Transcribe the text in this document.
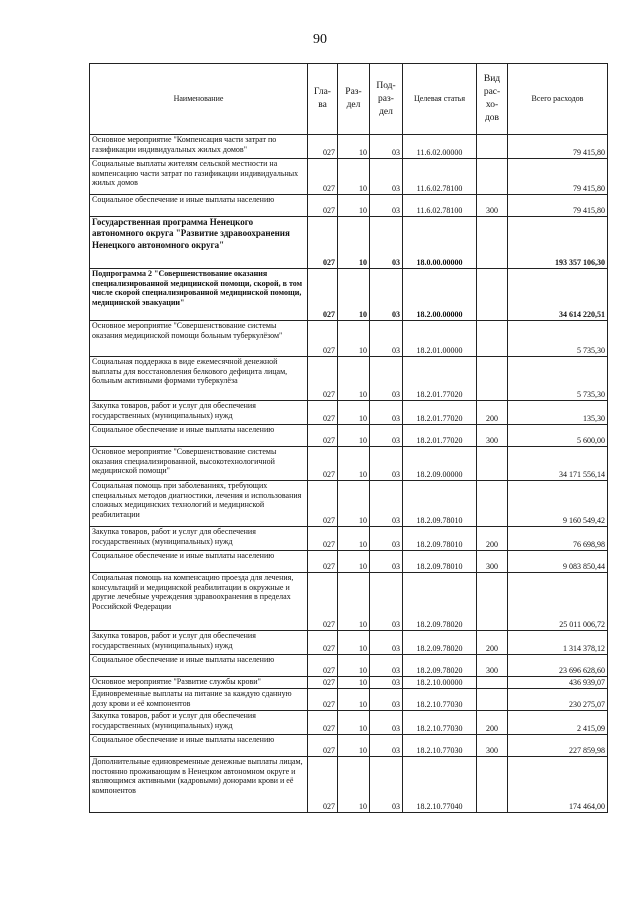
90
Наименование	Гла-ва	Раз-дел	Под-раз-дел	Целевая статья	Вид рас-хо-дов	Всего расходов
Основное мероприятие "Компенсация части затрат по газификации индивидуальных жилых домов"	027	10	03	11.6.02.00000		79 415,80
Социальные выплаты жителям сельской местности на компенсацию части затрат по газификации индивидуальных жилых домов	027	10	03	11.6.02.78100		79 415,80
Социальное обеспечение и иные выплаты населению	027	10	03	11.6.02.78100	300	79 415,80
Государственная программа Ненецкого автономного округа "Развитие здравоохранения Ненецкого автономного округа"	027	10	03	18.0.00.00000		193 357 106,30
Подпрограмма 2 "Совершенствование оказания специализированной медицинской помощи, скорой, в том числе скорой специализированной медицинской помощи, медицинской эвакуации"	027	10	03	18.2.00.00000		34 614 220,51
Основное мероприятие "Совершенствование системы оказания медицинской помощи больным туберкулёзом"	027	10	03	18.2.01.00000		5 735,30
Социальная поддержка в виде ежемесячной денежной выплаты для восстановления белкового дефицита лицам, больным активными формами туберкулёза	027	10	03	18.2.01.77020		5 735,30
Закупка товаров, работ и услуг для обеспечения государственных (муниципальных) нужд	027	10	03	18.2.01.77020	200	135,30
Социальное обеспечение и иные выплаты населению	027	10	03	18.2.01.77020	300	5 600,00
Основное мероприятие "Совершенствование системы оказания специализированной, высокотехнологичной медицинской помощи"	027	10	03	18.2.09.00000		34 171 556,14
Социальная помощь при заболеваниях, требующих специальных методов диагностики, лечения и использования сложных медицинских технологий и медицинской реабилитации	027	10	03	18.2.09.78010		9 160 549,42
Закупка товаров, работ и услуг для обеспечения государственных (муниципальных) нужд	027	10	03	18.2.09.78010	200	76 698,98
Социальное обеспечение и иные выплаты населению	027	10	03	18.2.09.78010	300	9 083 850,44
Социальная помощь на компенсацию проезда для лечения, консультаций и медицинской реабилитации в окружные и другие лечебные учреждения здравоохранения в пределах Российской Федерации	027	10	03	18.2.09.78020		25 011 006,72
Закупка товаров, работ и услуг для обеспечения государственных (муниципальных) нужд	027	10	03	18.2.09.78020	200	1 314 378,12
Социальное обеспечение и иные выплаты населению	027	10	03	18.2.09.78020	300	23 696 628,60
Основное мероприятие "Развитие службы крови"	027	10	03	18.2.10.00000		436 939,07
Единовременные выплаты на питание за каждую сданную дозу крови и её компонентов	027	10	03	18.2.10.77030		230 275,07
Закупка товаров, работ и услуг для обеспечения государственных (муниципальных) нужд	027	10	03	18.2.10.77030	200	2 415,09
Социальное обеспечение и иные выплаты населению	027	10	03	18.2.10.77030	300	227 859,98
Дополнительные единовременные денежные выплаты лицам, постоянно проживающим в Ненецком автономном округе и являющимся активными (кадровыми) донорами крови и её компонентов	027	10	03	18.2.10.77040		174 464,00
